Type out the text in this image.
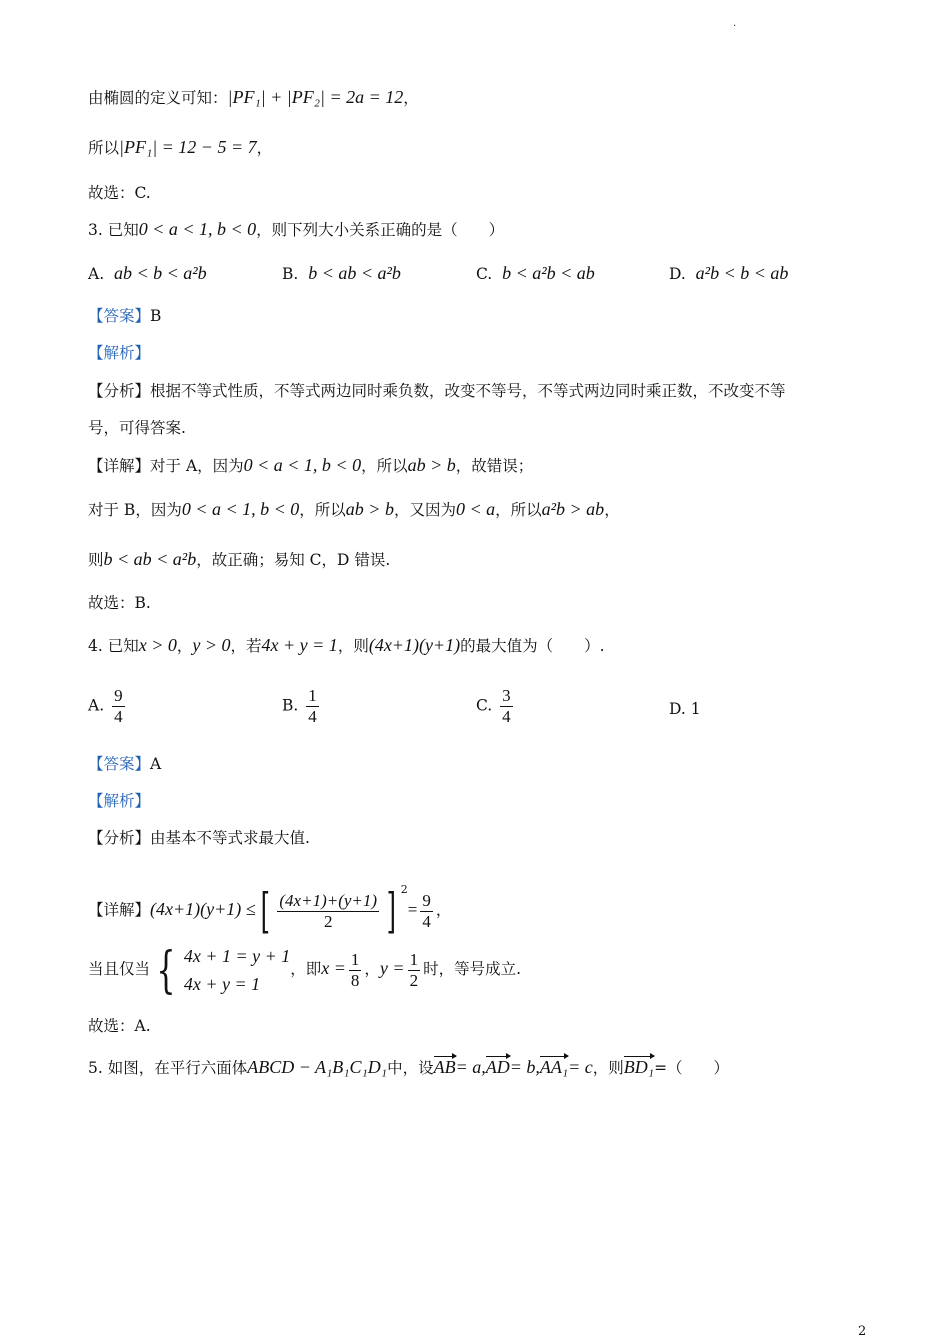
.
由椭圆的定义可知：|PF₁| + |PF₂| = 2a = 12，
所以|PF₁| = 12 − 5 = 7，
故选：C.
3. 已知0 < a < 1, b < 0，则下列大小关系正确的是（　　）
A. ab < b < a²b	B. b < ab < a²b	C. b < a²b < ab	D. a²b < b < ab
【答案】B
【解析】
【分析】根据不等式性质，不等式两边同时乘负数，改变不等号，不等式两边同时乘正数，不改变不等
号，可得答案.
【详解】对于 A，因为0 < a < 1, b < 0，所以ab > b，故错误；
对于 B，因为0 < a < 1, b < 0，所以ab > b，又因为0 < a，所以a²b > ab，
则b < ab < a²b，故正确；易知 C，D 错误.
故选：B.
4. 已知x > 0，y > 0，若4x + y = 1，则(4x+1)(y+1)的最大值为（　　）.
A. $\frac{9}{4}$	B. $\frac{1}{4}$	C. $\frac{3}{4}$	D. 1
【答案】A
【解析】
【分析】由基本不等式求最大值.
【详解】(4x+1)(y+1) ≤[ $\frac{(4x+1)+(y+1)}{2}$ ] $^2= \frac{9}{4}$ ，
当且仅当 { 4x + 1 = y + 1
4x + y = 1
，即$x = \frac{1}{8}$ ，$y = \frac{1}{2}$ 时，等号成立.
故选：A.
5. 如图，在平行六面体ABCD − A₁B₁C₁D₁中，设AB= a,AD= b,AA₁= c，则BD₁=（　　）
2
